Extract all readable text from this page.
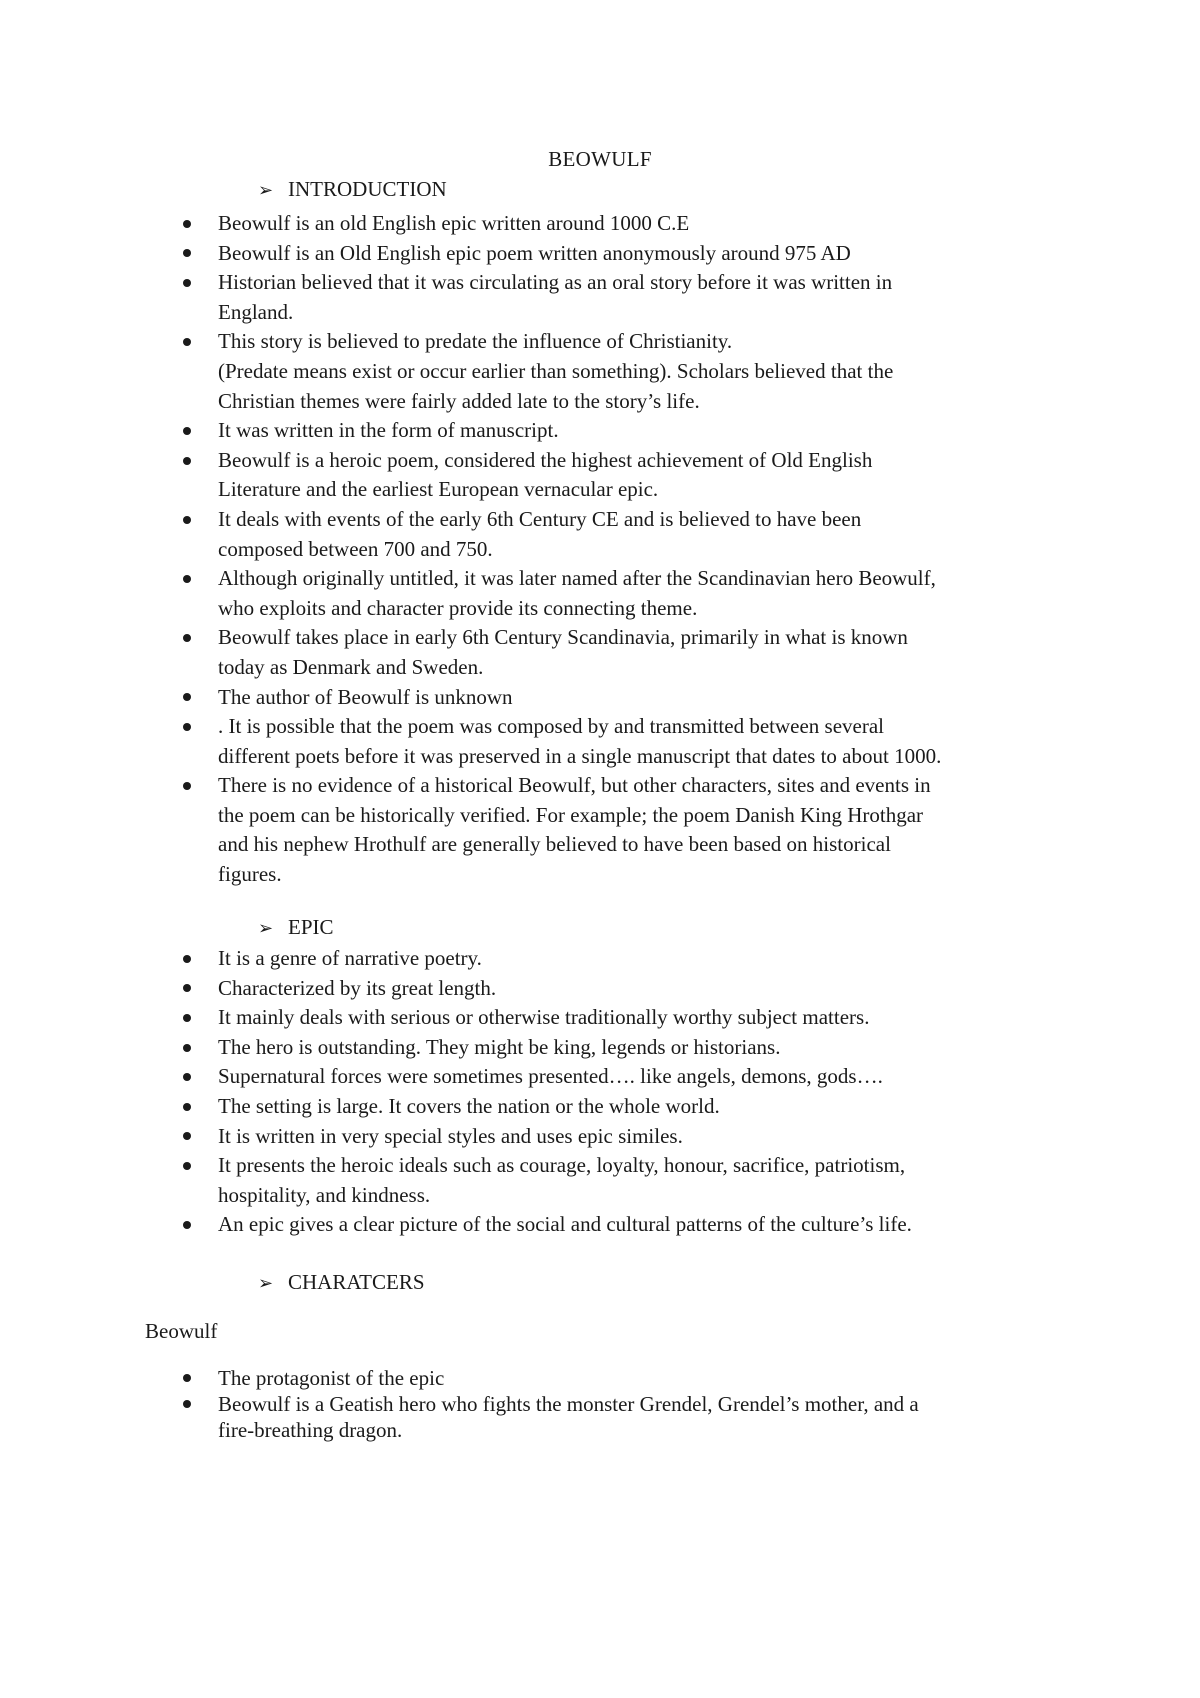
BEOWULF
➢ INTRODUCTION
Beowulf is an old English epic written around 1000 C.E
Beowulf is an Old English epic poem written anonymously around 975 AD
Historian believed that it was circulating as an oral story before it was written in
England.
This story is believed to predate the influence of Christianity.
(Predate means exist or occur earlier than something). Scholars believed that the
Christian themes were fairly added late to the story’s life.
It was written in the form of manuscript.
Beowulf is a heroic poem, considered the highest achievement of Old English
Literature and the earliest European vernacular epic.
It deals with events of the early 6th Century CE and is believed to have been
composed between 700 and 750.
Although originally untitled, it was later named after the Scandinavian hero Beowulf,
who exploits and character provide its connecting theme.
Beowulf takes place in early 6th Century Scandinavia, primarily in what is known
today as Denmark and Sweden.
The author of Beowulf is unknown
. It is possible that the poem was composed by and transmitted between several
different poets before it was preserved in a single manuscript that dates to about 1000.
There is no evidence of a historical Beowulf, but other characters, sites and events in
the poem can be historically verified. For example; the poem Danish King Hrothgar
and his nephew Hrothulf are generally believed to have been based on historical
figures.
➢ EPIC
It is a genre of narrative poetry.
Characterized by its great length.
It mainly deals with serious or otherwise traditionally worthy subject matters.
The hero is outstanding. They might be king, legends or historians.
Supernatural forces were sometimes presented…. like angels, demons, gods….
The setting is large. It covers the nation or the whole world.
It is written in very special styles and uses epic similes.
It presents the heroic ideals such as courage, loyalty, honour, sacrifice, patriotism,
hospitality, and kindness.
An epic gives a clear picture of the social and cultural patterns of the culture’s life.
➢ CHARATCERS
Beowulf
The protagonist of the epic
Beowulf is a Geatish hero who fights the monster Grendel, Grendel’s mother, and a
fire-breathing dragon.
